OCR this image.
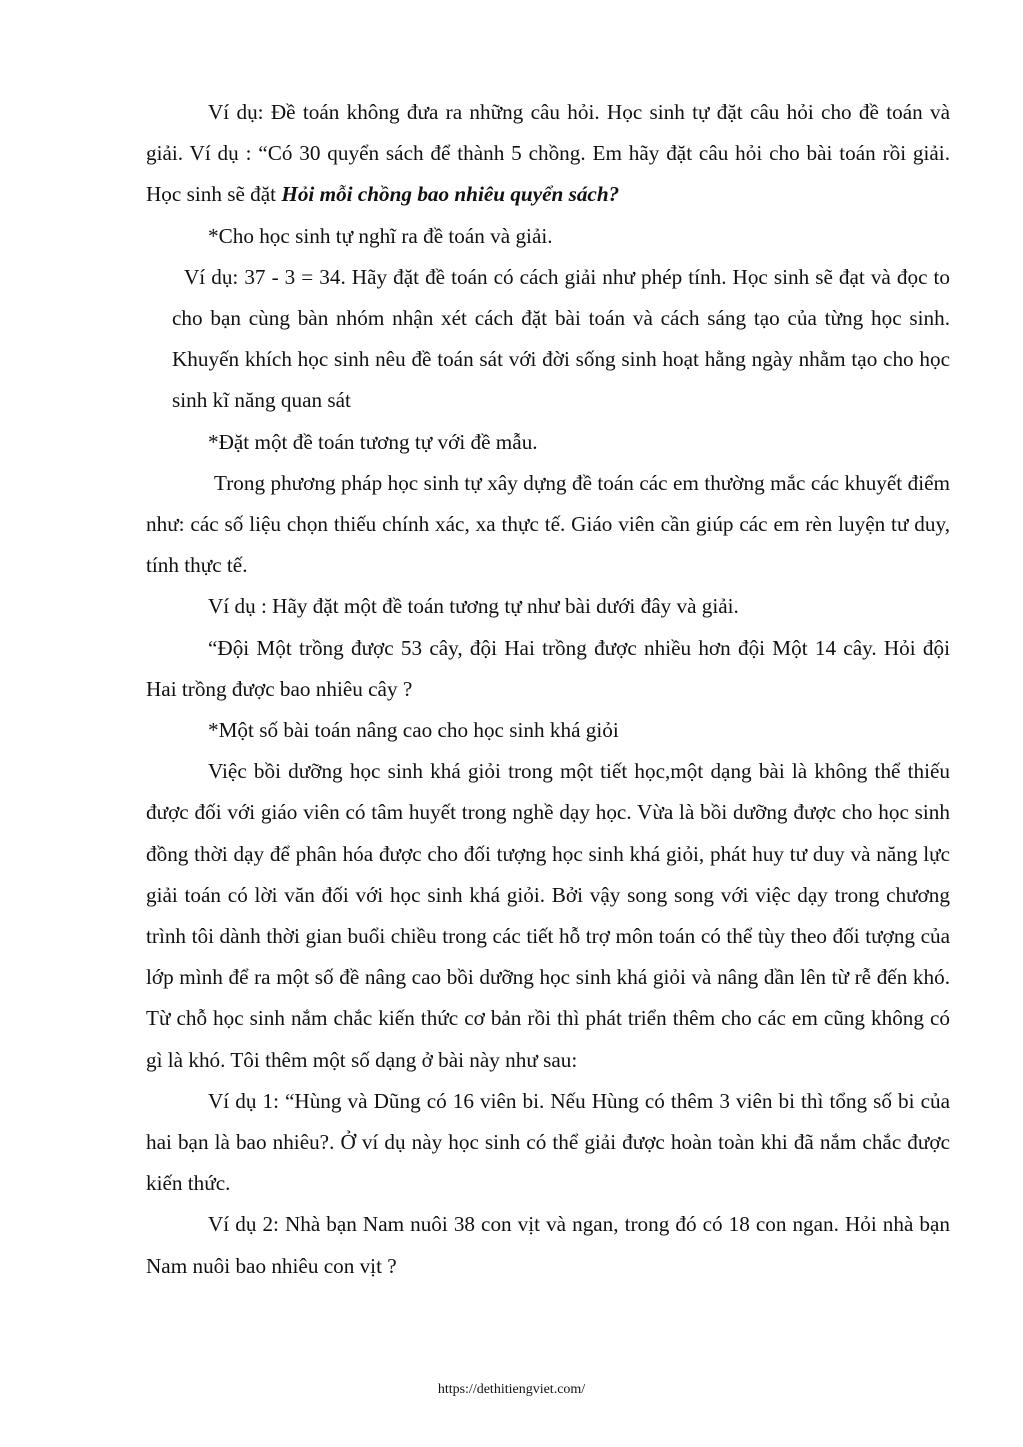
Ví dụ: Đề toán không đưa ra những câu hỏi. Học sinh tự đặt câu hỏi cho đề toán và giải. Ví dụ : “Có 30 quyển sách để thành 5 chồng. Em hãy đặt câu hỏi cho bài toán rồi giải. Học sinh sẽ đặt Hỏi mỗi chồng bao nhiêu quyển sách?

*Cho học sinh tự nghĩ ra đề toán và giải.

Ví dụ: 37 - 3 = 34. Hãy đặt đề toán có cách giải như phép tính. Học sinh sẽ đạt và đọc to cho bạn cùng bàn nhóm nhận xét cách đặt bài toán và cách sáng tạo của từng học sinh. Khuyến khích học sinh nêu đề toán sát với đời sống sinh hoạt hằng ngày nhằm tạo cho học sinh kĩ năng quan sát

*Đặt một đề toán tương tự với đề mẫu.

Trong phương pháp học sinh tự xây dựng đề toán các em thường mắc các khuyết điểm như: các số liệu chọn thiếu chính xác, xa thực tế. Giáo viên cần giúp các em rèn luyện tư duy, tính thực tế.

Ví dụ : Hãy đặt một đề toán tương tự như bài dưới đây và giải.

“Đội Một trồng được 53 cây, đội Hai trồng được nhiều hơn đội Một 14 cây. Hỏi đội Hai trồng được bao nhiêu cây ?

*Một số bài toán nâng cao cho học sinh khá giỏi

Việc bồi dưỡng học sinh khá giỏi trong một tiết học,một dạng bài là không thể thiếu được đối với giáo viên có tâm huyết trong nghề dạy học. Vừa là bồi dưỡng được cho học sinh đồng thời dạy để phân hóa được cho đối tượng học sinh khá giỏi, phát huy tư duy và năng lực giải toán có lời văn đối với học sinh khá giỏi. Bởi vậy song song với việc dạy trong chương trình tôi dành thời gian buổi chiều trong các tiết hỗ trợ môn toán có thể tùy theo đối tượng của lớp mình để ra một số đề nâng cao bồi dưỡng học sinh khá giỏi và nâng dần lên từ rễ đến khó. Từ chỗ học sinh nắm chắc kiến thức cơ bản rồi thì phát triển thêm cho các em cũng không có gì là khó. Tôi thêm một số dạng ở bài này như sau:

Ví dụ 1: “Hùng và Dũng có 16 viên bi. Nếu Hùng có thêm 3 viên bi thì tổng số bi của hai bạn là bao nhiêu?. Ở ví dụ này học sinh có thể giải được hoàn toàn khi đã nắm chắc được kiến thức.

Ví dụ 2: Nhà bạn Nam nuôi 38 con vịt và ngan, trong đó có 18 con ngan. Hỏi nhà bạn Nam nuôi bao nhiêu con vịt ?

https://dethitiengviet.com/
